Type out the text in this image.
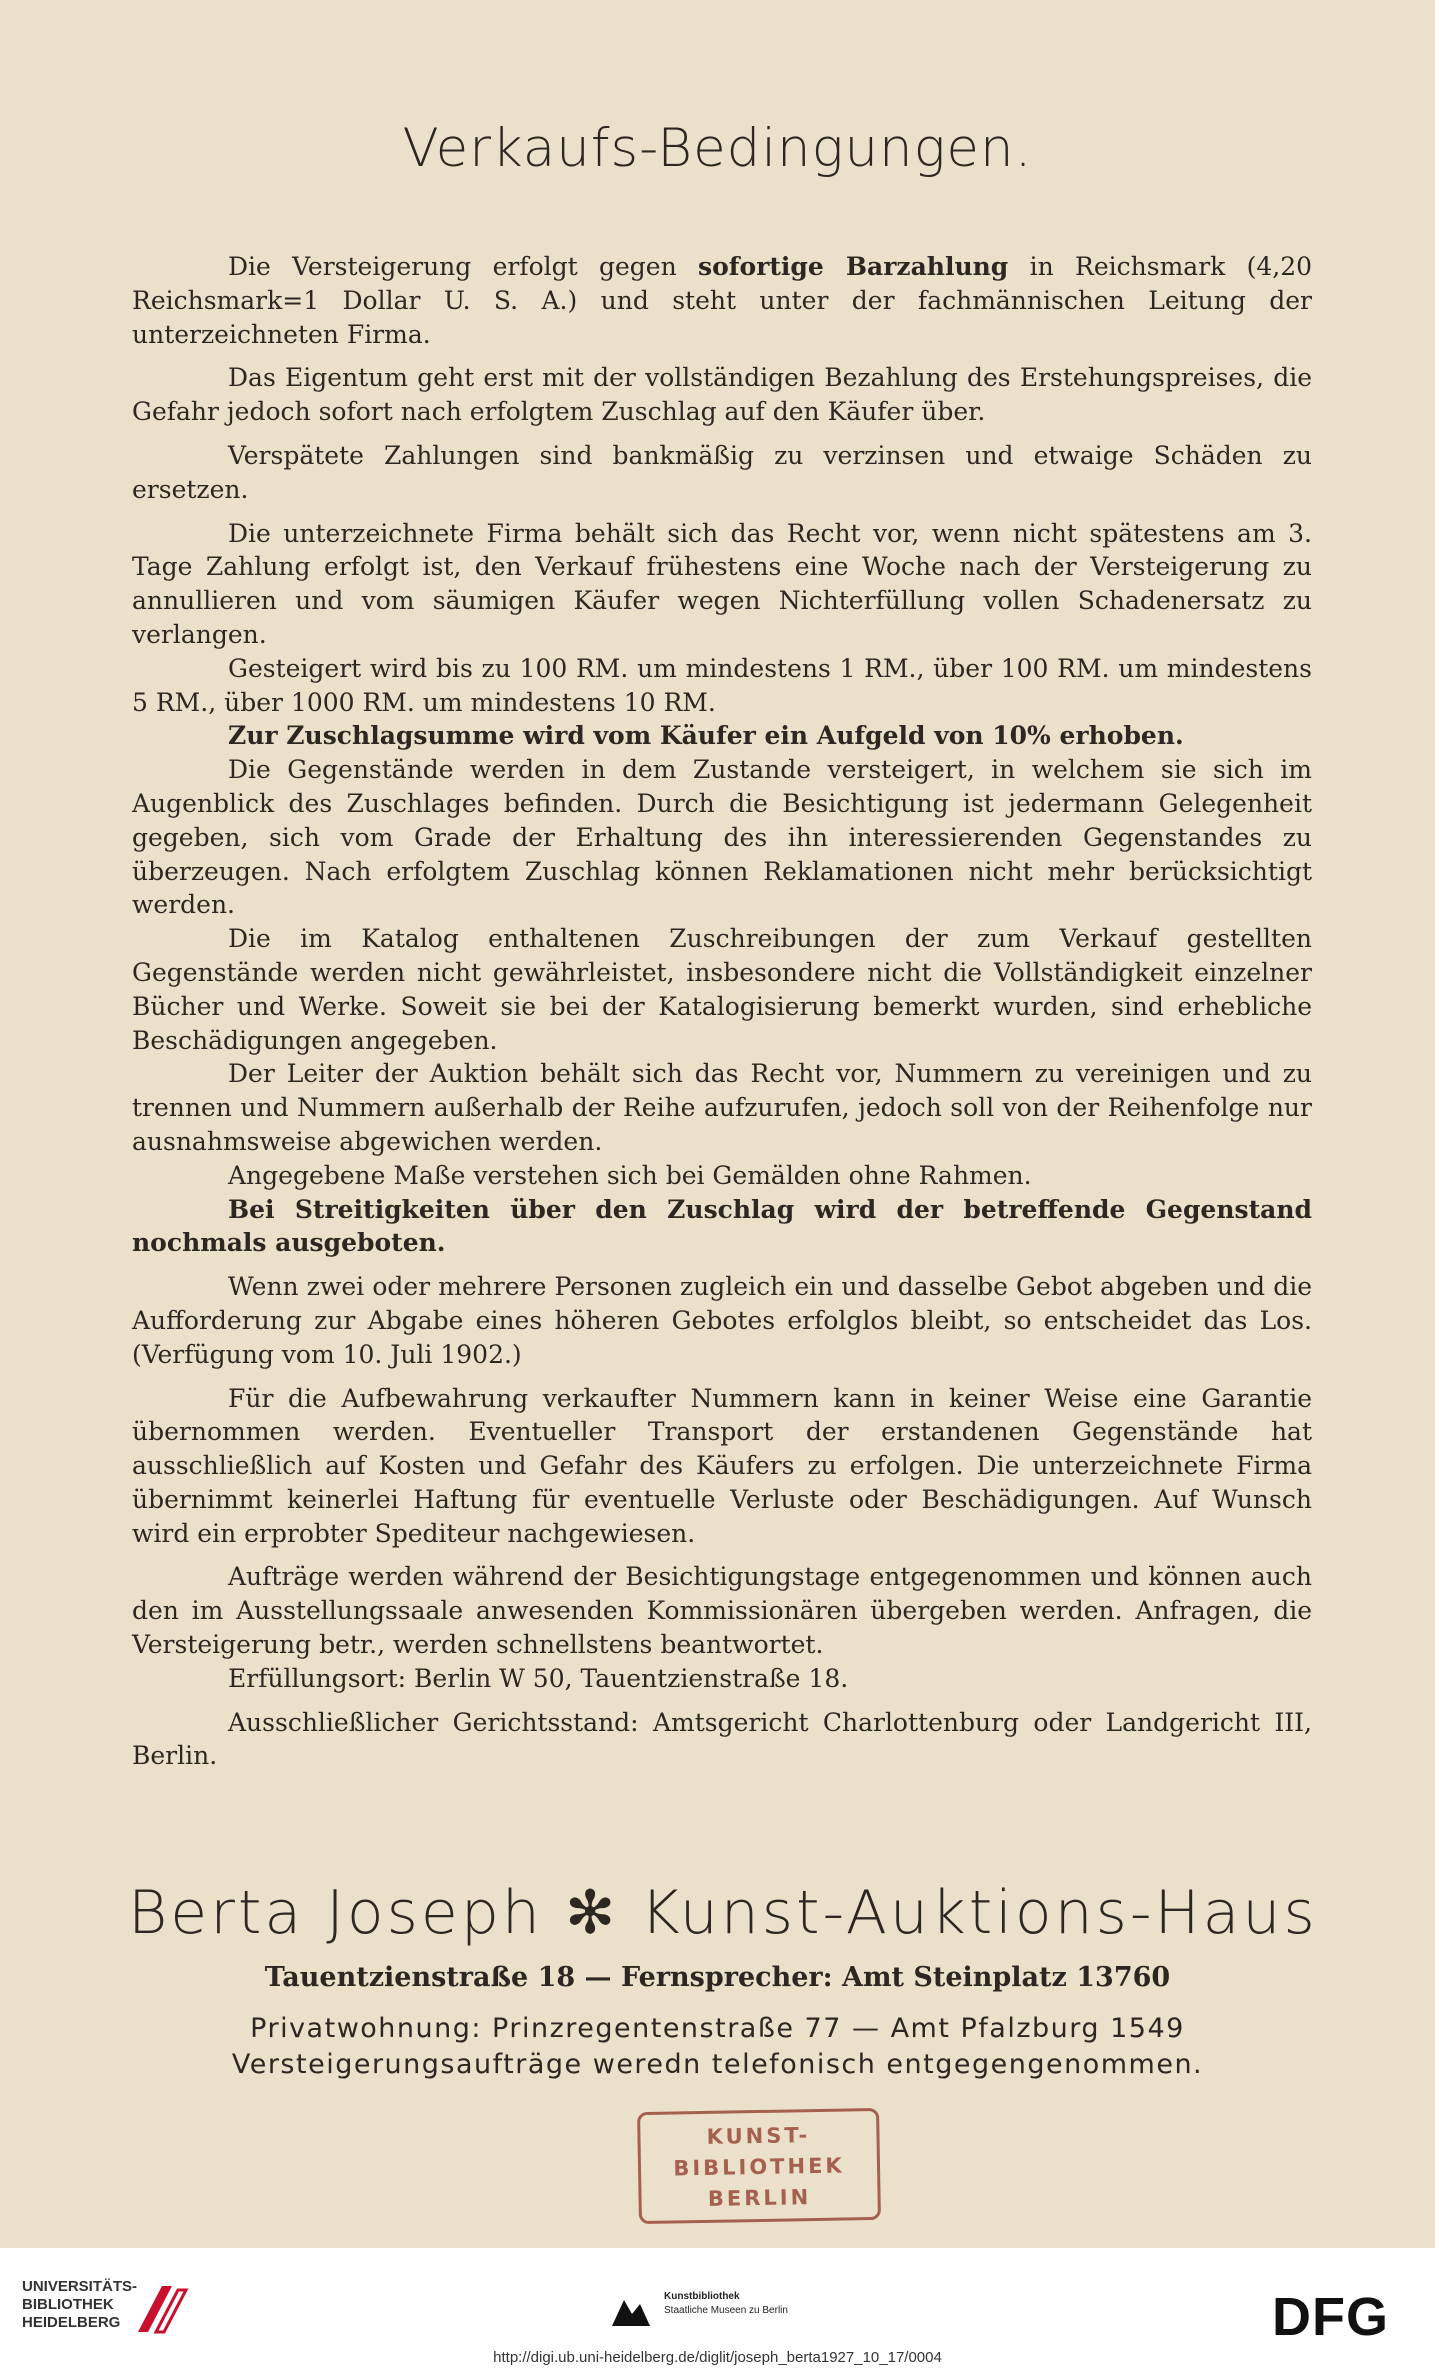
Verkaufs-Bedingungen.

Die Versteigerung erfolgt gegen sofortige Barzahlung in Reichsmark (4,20 Reichsmark=1 Dollar U. S. A.) und steht unter der fachmännischen Leitung der unterzeichneten Firma.

Das Eigentum geht erst mit der vollständigen Bezahlung des Erstehungspreises, die Gefahr jedoch sofort nach erfolgtem Zuschlag auf den Käufer über.

Verspätete Zahlungen sind bankmäßig zu verzinsen und etwaige Schäden zu ersetzen.

Die unterzeichnete Firma behält sich das Recht vor, wenn nicht spätestens am 3. Tage Zahlung erfolgt ist, den Verkauf frühestens eine Woche nach der Versteigerung zu annullieren und vom säumigen Käufer wegen Nichterfüllung vollen Schadenersatz zu verlangen.

Gesteigert wird bis zu 100 RM. um mindestens 1 RM., über 100 RM. um mindestens 5 RM., über 1000 RM. um mindestens 10 RM.

Zur Zuschlagsumme wird vom Käufer ein Aufgeld von 10% erhoben.

Die Gegenstände werden in dem Zustande versteigert, in welchem sie sich im Augenblick des Zuschlages befinden. Durch die Besichtigung ist jedermann Gelegenheit gegeben, sich vom Grade der Erhaltung des ihn interessierenden Gegenstandes zu überzeugen. Nach erfolgtem Zuschlag können Reklamationen nicht mehr berücksichtigt werden.

Die im Katalog enthaltenen Zuschreibungen der zum Verkauf gestellten Gegenstände werden nicht gewährleistet, insbesondere nicht die Vollständigkeit einzelner Bücher und Werke. Soweit sie bei der Katalogisierung bemerkt wurden, sind erhebliche Beschädigungen angegeben.

Der Leiter der Auktion behält sich das Recht vor, Nummern zu vereinigen und zu trennen und Nummern außerhalb der Reihe aufzurufen, jedoch soll von der Reihenfolge nur ausnahmsweise abgewichen werden.

Angegebene Maße verstehen sich bei Gemälden ohne Rahmen.

Bei Streitigkeiten über den Zuschlag wird der betreffende Gegenstand nochmals ausgeboten.

Wenn zwei oder mehrere Personen zugleich ein und dasselbe Gebot abgeben und die Aufforderung zur Abgabe eines höheren Gebotes erfolglos bleibt, so entscheidet das Los. (Verfügung vom 10. Juli 1902.)

Für die Aufbewahrung verkaufter Nummern kann in keiner Weise eine Garantie übernommen werden. Eventueller Transport der erstandenen Gegenstände hat ausschließlich auf Kosten und Gefahr des Käufers zu erfolgen. Die unterzeichnete Firma übernimmt keinerlei Haftung für eventuelle Verluste oder Beschädigungen. Auf Wunsch wird ein erprobter Spediteur nachgewiesen.

Aufträge werden während der Besichtigungstage entgegenommen und können auch den im Ausstellungssaale anwesenden Kommissionären übergeben werden. Anfragen, die Versteigerung betr., werden schnellstens beantwortet.

Erfüllungsort: Berlin W 50, Tauentzienstraße 18.

Ausschließlicher Gerichtsstand: Amtsgericht Charlottenburg oder Landgericht III, Berlin.

Berta Joseph ✻ Kunst-Auktions-Haus
Tauentzienstraße 18 — Fernsprecher: Amt Steinplatz 13760
Privatwohnung: Prinzregentenstraße 77 — Amt Pfalzburg 1549
Versteigerungsaufträge weredn telefonisch entgegengenommen.
KUNST-
BIBLIOTHEK
BERLIN
UNIVERSITÄTS-
BIBLIOTHEK
HEIDELBERG
Kunstbibliothek
Staatliche Museen zu Berlin	DFG
http://digi.ub.uni-heidelberg.de/diglit/joseph_berta1927_10_17/0004
